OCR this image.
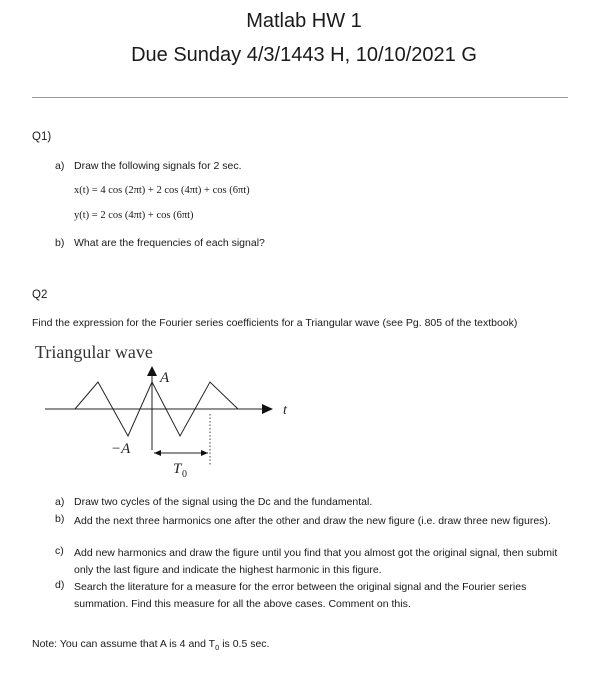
Matlab HW 1
Due Sunday 4/3/1443 H, 10/10/2021 G
Q1)
a) Draw the following signals for 2 sec.
x(t) = 4 cos (2πt) + 2 cos (4πt) + cos (6πt)
y(t) = 2 cos (4πt) + cos (6πt)
b) What are the frequencies of each signal?
Q2
Find the expression for the Fourier series coefficients for a Triangular wave (see Pg. 805 of the textbook)
Triangular wave
A
−A
t
T 0
a) Draw two cycles of the signal using the Dc and the fundamental.
b) Add the next three harmonics one after the other and draw the new figure (i.e. draw three new figures).
c) Add new harmonics and draw the figure until you find that you almost got the original signal, then submit only the last figure and indicate the highest harmonic in this figure.
d) Search the literature for a measure for the error between the original signal and the Fourier series summation. Find this measure for all the above cases. Comment on this.
Note: You can assume that A is 4 and $T_0$ is 0.5 sec.
